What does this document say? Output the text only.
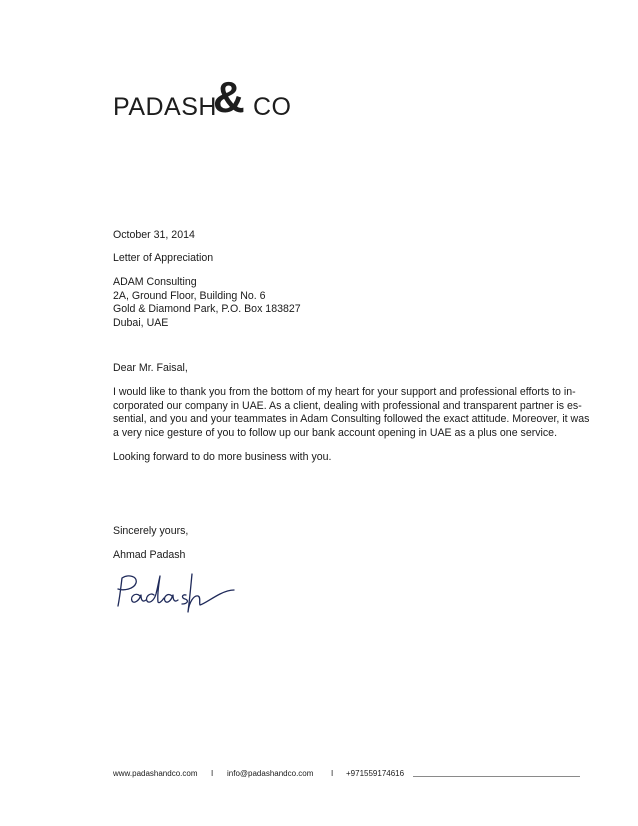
PADASH
& CO
October 31, 2014
Letter of Appreciation
ADAM Consulting
2A, Ground Floor, Building No. 6
Gold & Diamond Park, P.O. Box 183827
Dubai, UAE
Dear Mr. Faisal,
I would like to thank you from the bottom of my heart for your support and professional efforts to in-
corporated our company in UAE. As a client, dealing with professional and transparent partner is es-
sential, and you and your teammates in Adam Consulting followed the exact attitude. Moreover, it was
a very nice gesture of you to follow up our bank account opening in UAE as a plus one service.
Looking forward to do more business with you.
Sincerely yours,
Ahmad Padash
www.padashandco.com I info@padashandco.com I +971559174616
